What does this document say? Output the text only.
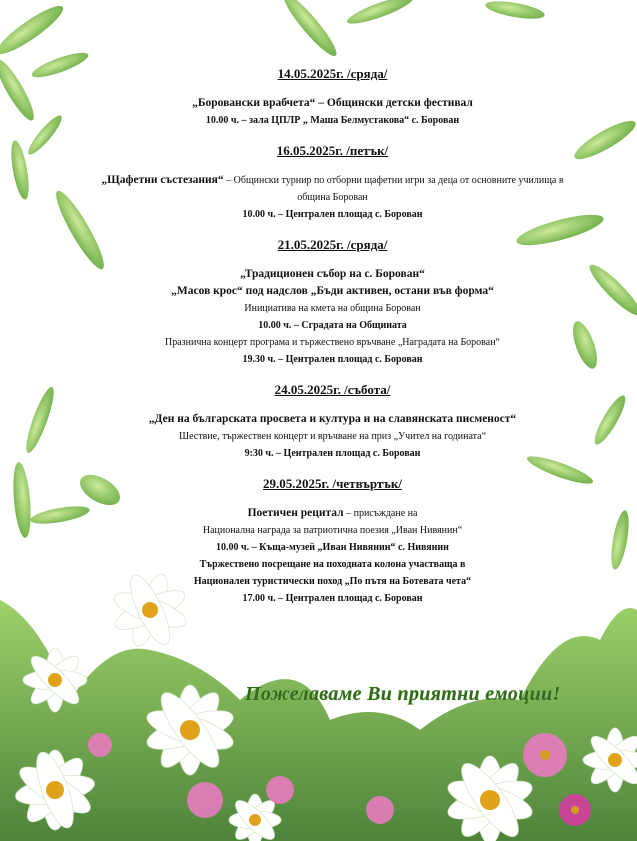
14.05.2025г. /сряда/
„Боровански врабчета“ – Общински детски фестивал
10.00 ч. – зала ЦПЛР „ Маша Белмустакова“ с. Борован
16.05.2025г. /петък/
„Щафетни състезания“ – Общински турнир по отборни щафетни игри за деца от основните училища в
община Борован
10.00 ч. – Централен площад с. Борован
21.05.2025г. /сряда/
„Традиционен събор на с. Борован“
„Масов крос“ под надслов „Бъди активен, остани във форма“
Инициатива на кмета на община Борован
10.00 ч. – Сградата на Общината
Празнична концерт програма и тържествено връчване „Наградата на Борован“
19.30 ч. – Централен площад с. Борован
24.05.2025г. /събота/
„Ден на българската просвета и култура и на славянската писменост“
Шествие, тържествен концерт и връчване на приз „Учител на годината“
9:30 ч. – Централен площад с. Борован
29.05.2025г. /четвъртък/
Поетичен рецитал – присъждане на
Национална награда за патриотична поезия „Иван Нивянин“
10.00 ч. – Къща-музей „Иван Нивянин“ с. Нивянин
Тържествено посрещане на походната колона участваща в
Национален туристически поход „По пътя на Ботевата чета“
17.00 ч. – Централен площад с. Борован
Пожелаваме Ви приятни емоции!
